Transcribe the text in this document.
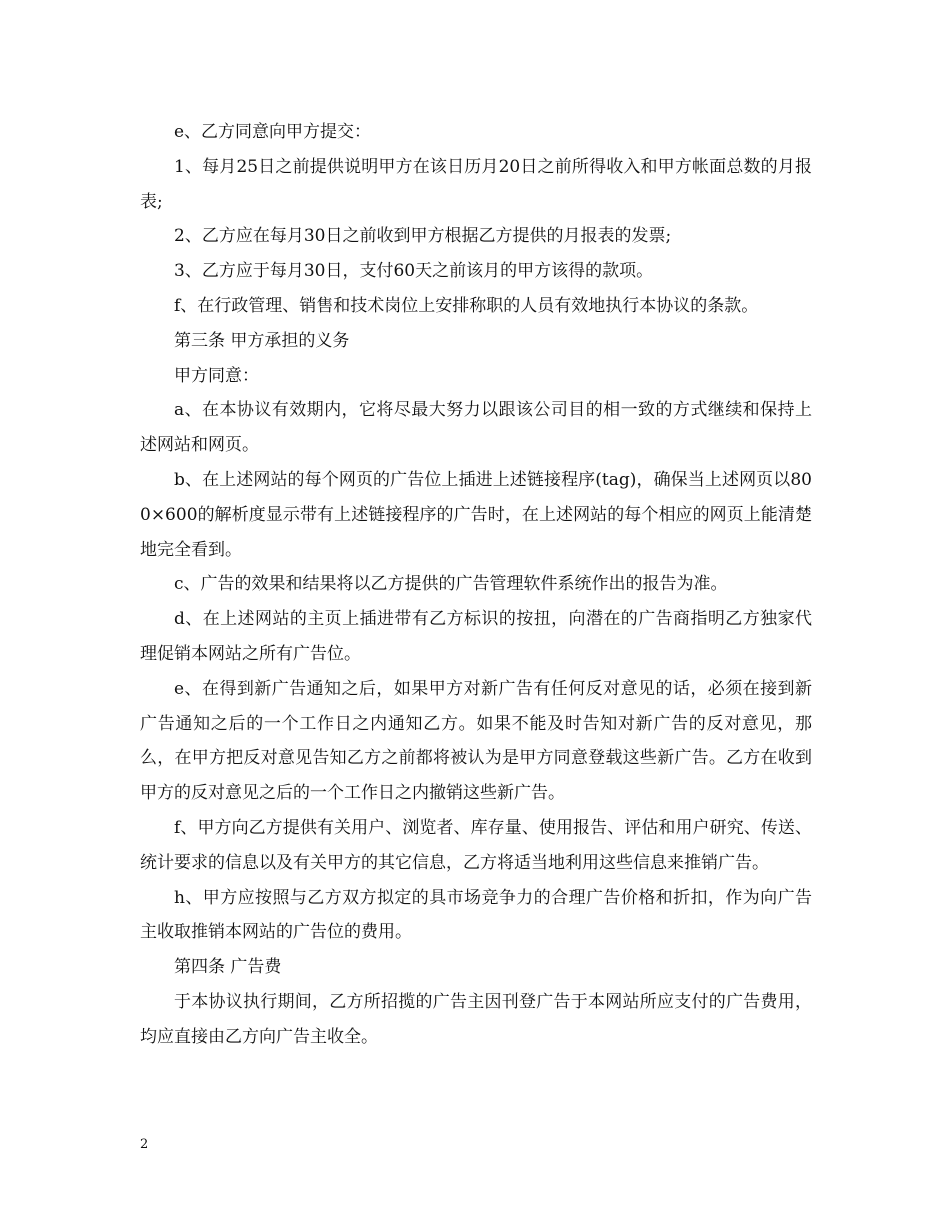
e、乙方同意向甲方提交：

1、每月25日之前提供说明甲方在该日历月20日之前所得收入和甲方帐面总数的月报表;

2、乙方应在每月30日之前收到甲方根据乙方提供的月报表的发票;

3、乙方应于每月30日，支付60天之前该月的甲方该得的款项。

f、在行政管理、销售和技术岗位上安排称职的人员有效地执行本协议的条款。

第三条 甲方承担的义务

甲方同意：

a、在本协议有效期内，它将尽最大努力以跟该公司目的相一致的方式继续和保持上述网站和网页。

b、在上述网站的每个网页的广告位上插进上述链接程序(tag)，确保当上述网页以800×600的解析度显示带有上述链接程序的广告时，在上述网站的每个相应的网页上能清楚地完全看到。

c、广告的效果和结果将以乙方提供的广告管理软件系统作出的报告为准。

d、在上述网站的主页上插进带有乙方标识的按扭，向潜在的广告商指明乙方独家代理促销本网站之所有广告位。

e、在得到新广告通知之后，如果甲方对新广告有任何反对意见的话，必须在接到新广告通知之后的一个工作日之内通知乙方。如果不能及时告知对新广告的反对意见，那么，在甲方把反对意见告知乙方之前都将被认为是甲方同意登载这些新广告。乙方在收到甲方的反对意见之后的一个工作日之内撤销这些新广告。

f、甲方向乙方提供有关用户、浏览者、库存量、使用报告、评估和用户研究、传送、统计要求的信息以及有关甲方的其它信息，乙方将适当地利用这些信息来推销广告。

h、甲方应按照与乙方双方拟定的具市场竞争力的合理广告价格和折扣，作为向广告主收取推销本网站的广告位的费用。

第四条 广告费

于本协议执行期间，乙方所招揽的广告主因刊登广告于本网站所应支付的广告费用，均应直接由乙方向广告主收全。

2
